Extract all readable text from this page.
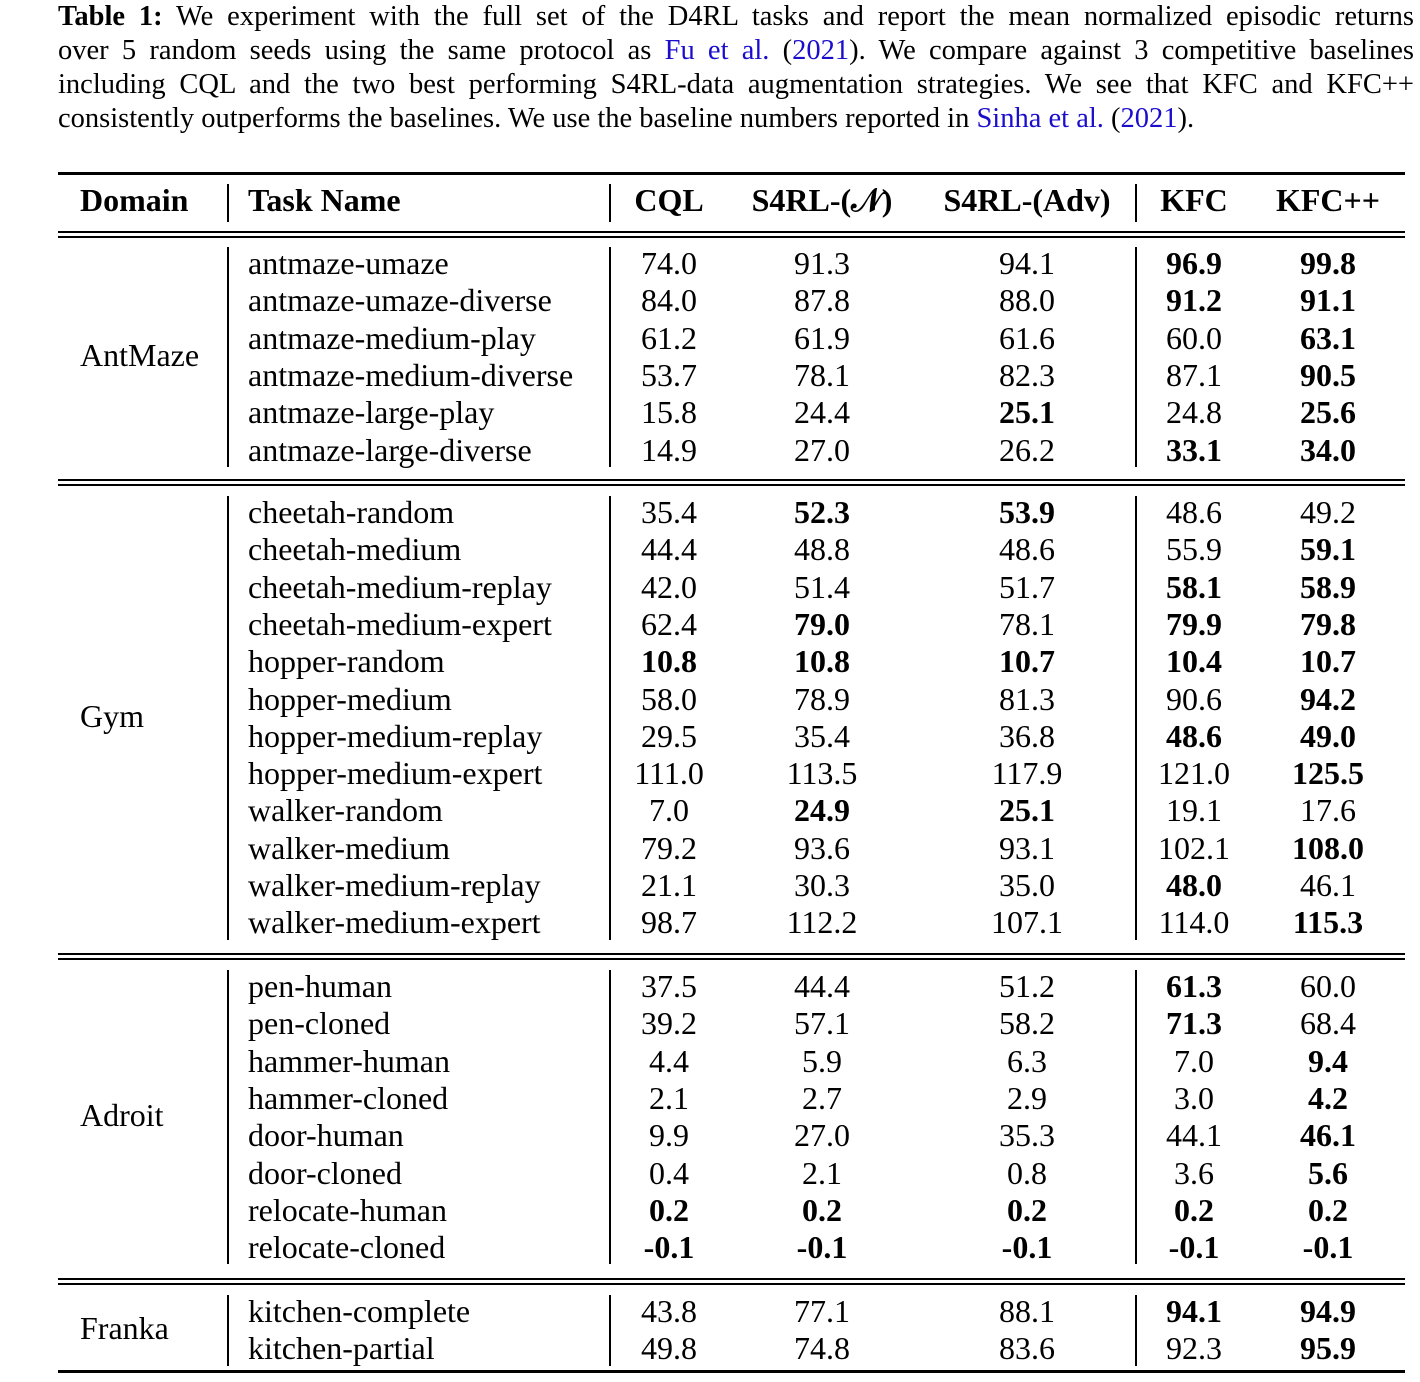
Table 1: We experiment with the full set of the D4RL tasks and report the mean normalized episodic returns
over 5 random seeds using the same protocol as Fu et al. (2021). We compare against 3 competitive baselines
including CQL and the two best performing S4RL-data augmentation strategies. We see that KFC and KFC++
consistently outperforms the baselines. We use the baseline numbers reported in Sinha et al. (2021).
Domain Task Name	CQL	S4RL-(𝒩) S4RL-(Adv)	KFC	KFC++
AntMaze
antmaze-umaze	74.0	91.3	94.1	96.9	99.8
antmaze-umaze-diverse	84.0	87.8	88.0	91.2	91.1
antmaze-medium-play	61.2	61.9	61.6	60.0	63.1
antmaze-medium-diverse	53.7	78.1	82.3	87.1	90.5
antmaze-large-play	15.8	24.4	25.1	24.8	25.6
antmaze-large-diverse	14.9	27.0	26.2	33.1	34.0
Gym
cheetah-random	35.4	52.3	53.9	48.6	49.2
cheetah-medium	44.4	48.8	48.6	55.9	59.1
cheetah-medium-replay	42.0	51.4	51.7	58.1	58.9
cheetah-medium-expert	62.4	79.0	78.1	79.9	79.8
hopper-random	10.8	10.8	10.7	10.4	10.7
hopper-medium	58.0	78.9	81.3	90.6	94.2
hopper-medium-replay	29.5	35.4	36.8	48.6	49.0
hopper-medium-expert	111.0	113.5	117.9	121.0	125.5
walker-random	7.0	24.9	25.1	19.1	17.6
walker-medium	79.2	93.6	93.1	102.1	108.0
walker-medium-replay	21.1	30.3	35.0	48.0	46.1
walker-medium-expert	98.7	112.2	107.1	114.0	115.3
Adroit
pen-human	37.5	44.4	51.2	61.3	60.0
pen-cloned	39.2	57.1	58.2	71.3	68.4
hammer-human	4.4	5.9	6.3	7.0	9.4
hammer-cloned	2.1	2.7	2.9	3.0	4.2
door-human	9.9	27.0	35.3	44.1	46.1
door-cloned	0.4	2.1	0.8	3.6	5.6
relocate-human	0.2	0.2	0.2	0.2	0.2
relocate-cloned	-0.1	-0.1	-0.1	-0.1	-0.1
Franka kitchen-complete	43.8	77.1	88.1	94.1	94.9
kitchen-partial	49.8	74.8	83.6	92.3	95.9
